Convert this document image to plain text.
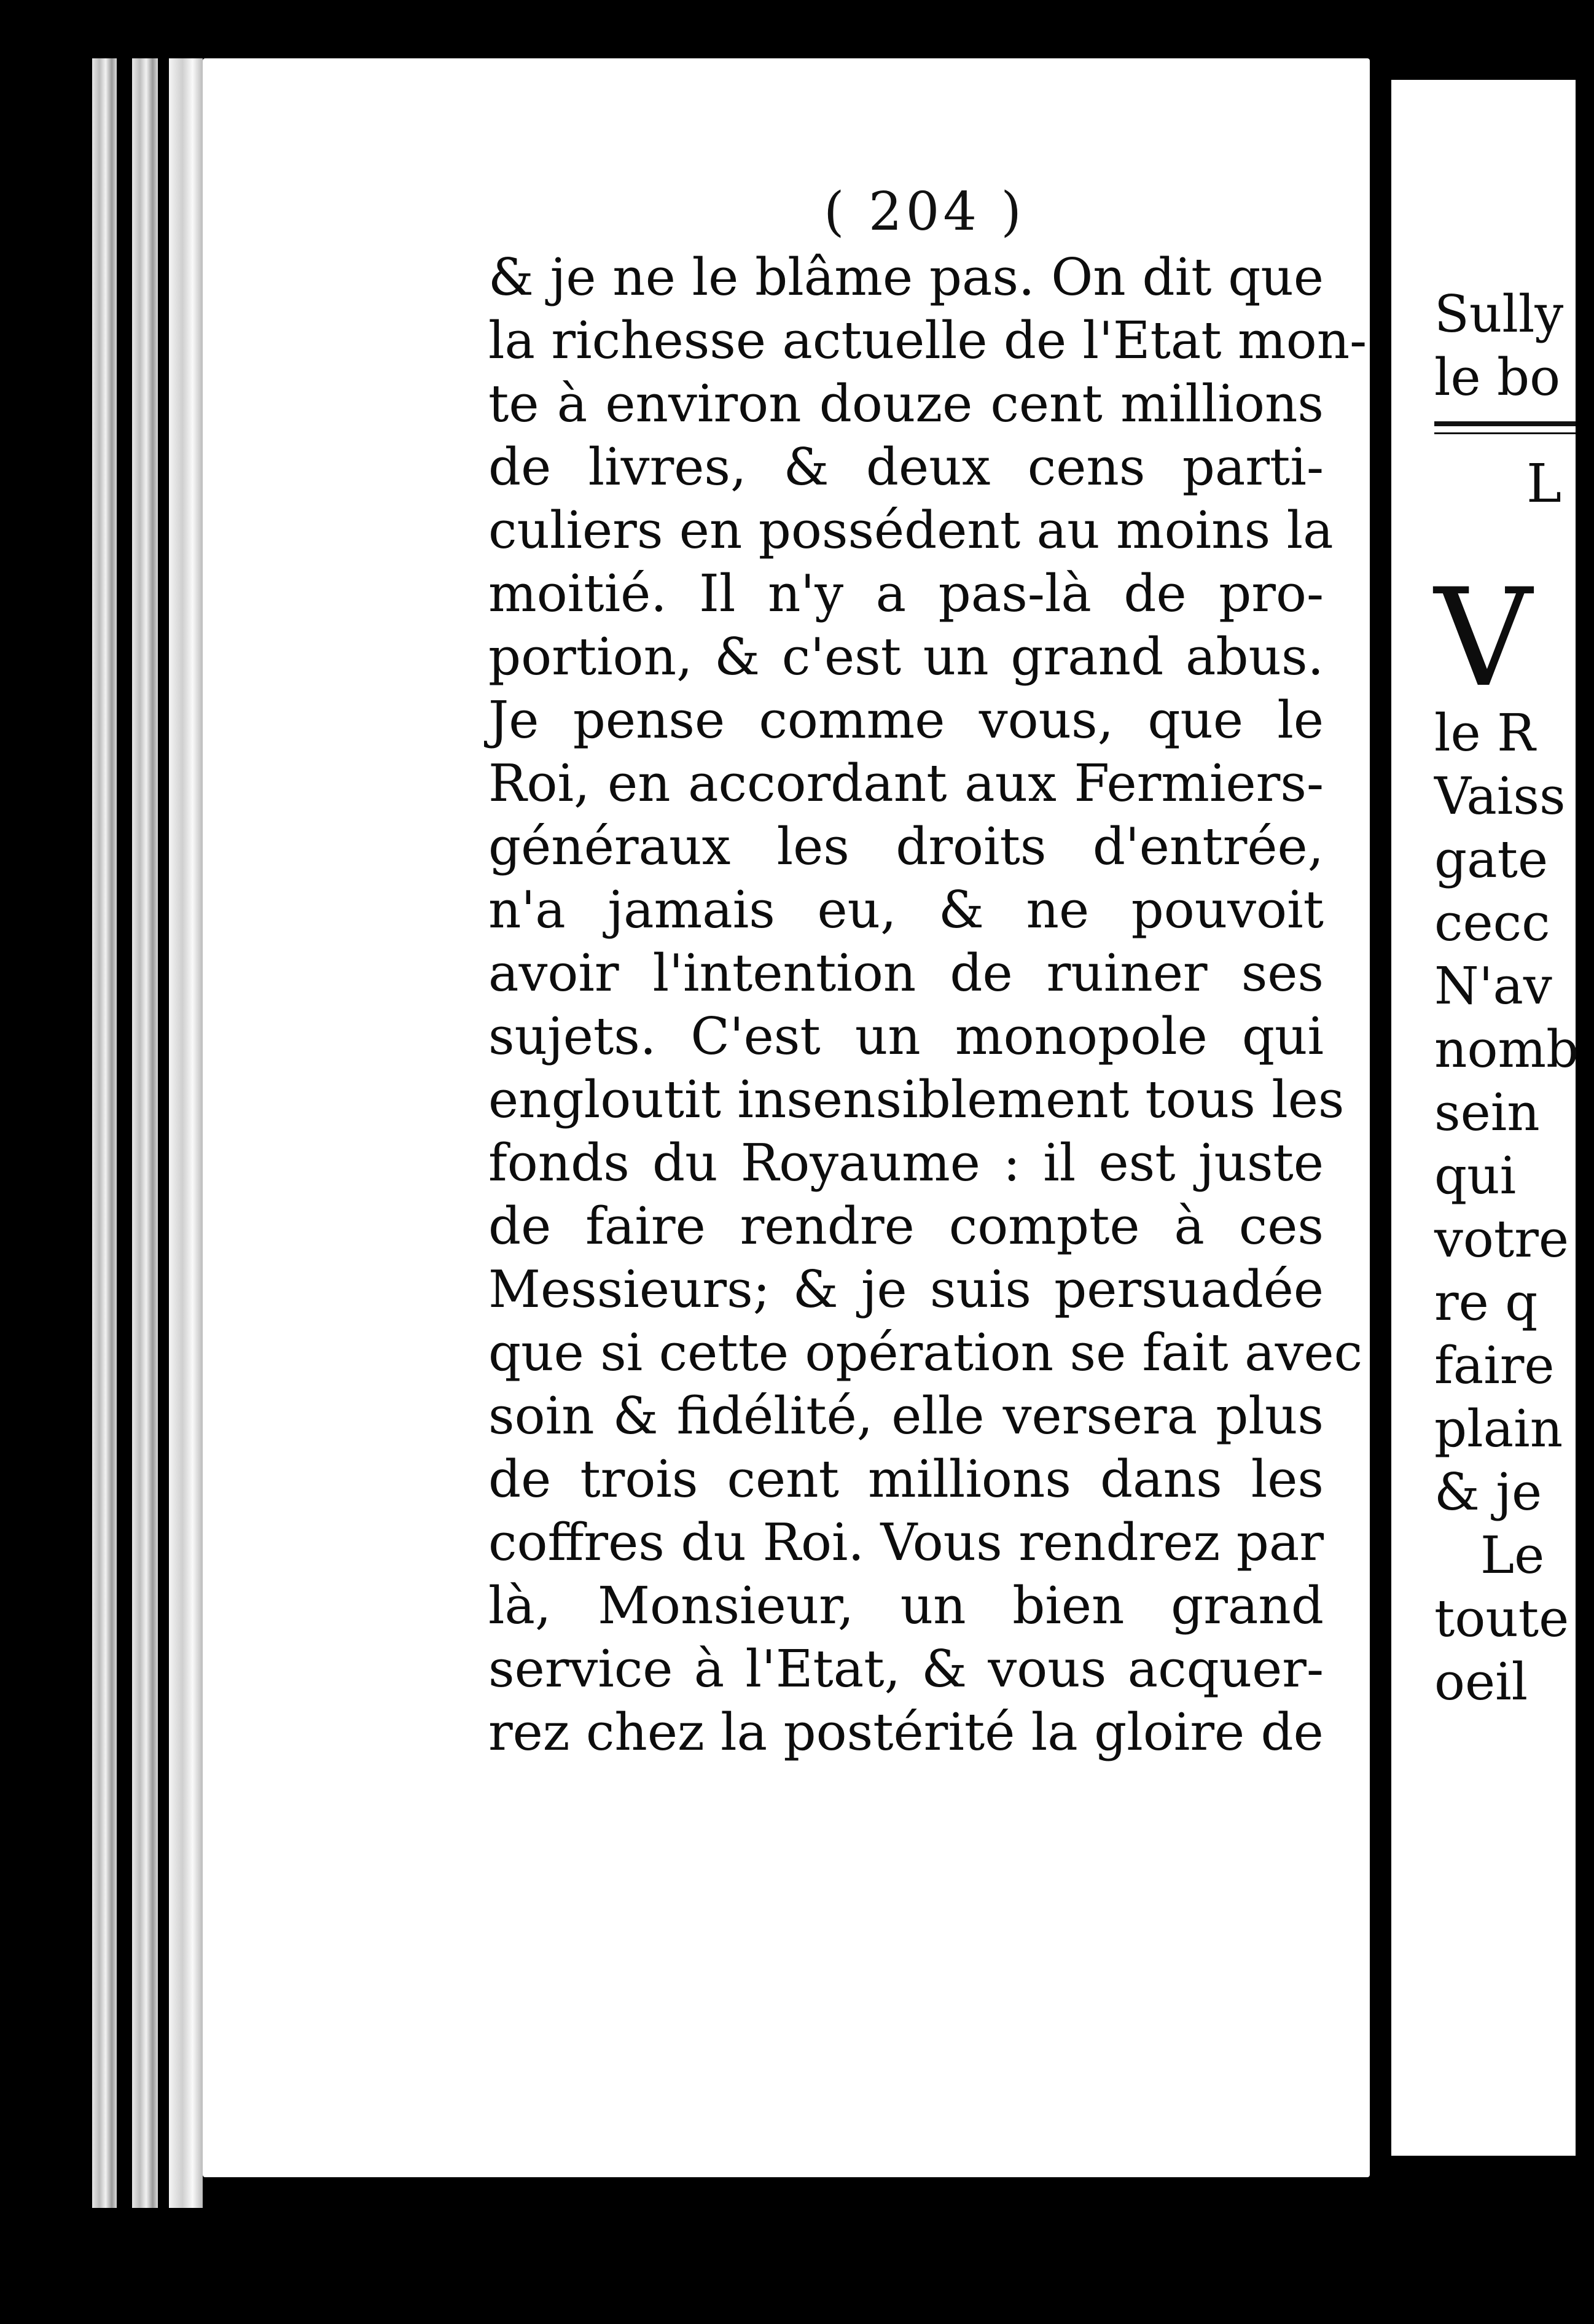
( 204 )
& je ne le blâme pas. On dit que
la richesse actuelle de l'Etat mon-
te à environ douze cent millions
de livres, & deux cens parti-
culiers en possédent au moins la
moitié. Il n'y a pas-là de pro-
portion, & c'est un grand abus.
Je pense comme vous, que le
Roi, en accordant aux Fermiers-
généraux les droits d'entrée,
n'a jamais eu, & ne pouvoit
avoir l'intention de ruiner ses
sujets. C'est un monopole qui
engloutit insensiblement tous les
fonds du Royaume : il est juste
de faire rendre compte à ces
Messieurs; & je suis persuadée
que si cette opération se fait avec
soin & fidélité, elle versera plus
de trois cent millions dans les
coffres du Roi. Vous rendrez par
là, Monsieur, un bien grand
service à l'Etat, & vous acquer-
rez chez la postérité la gloire de
Sully
le bo
L
V
le R
Vaiss
gate
cecc
N'av
nomb
sein
qui
votre
re q
faire
plain
& je
Le
toute
oeil
